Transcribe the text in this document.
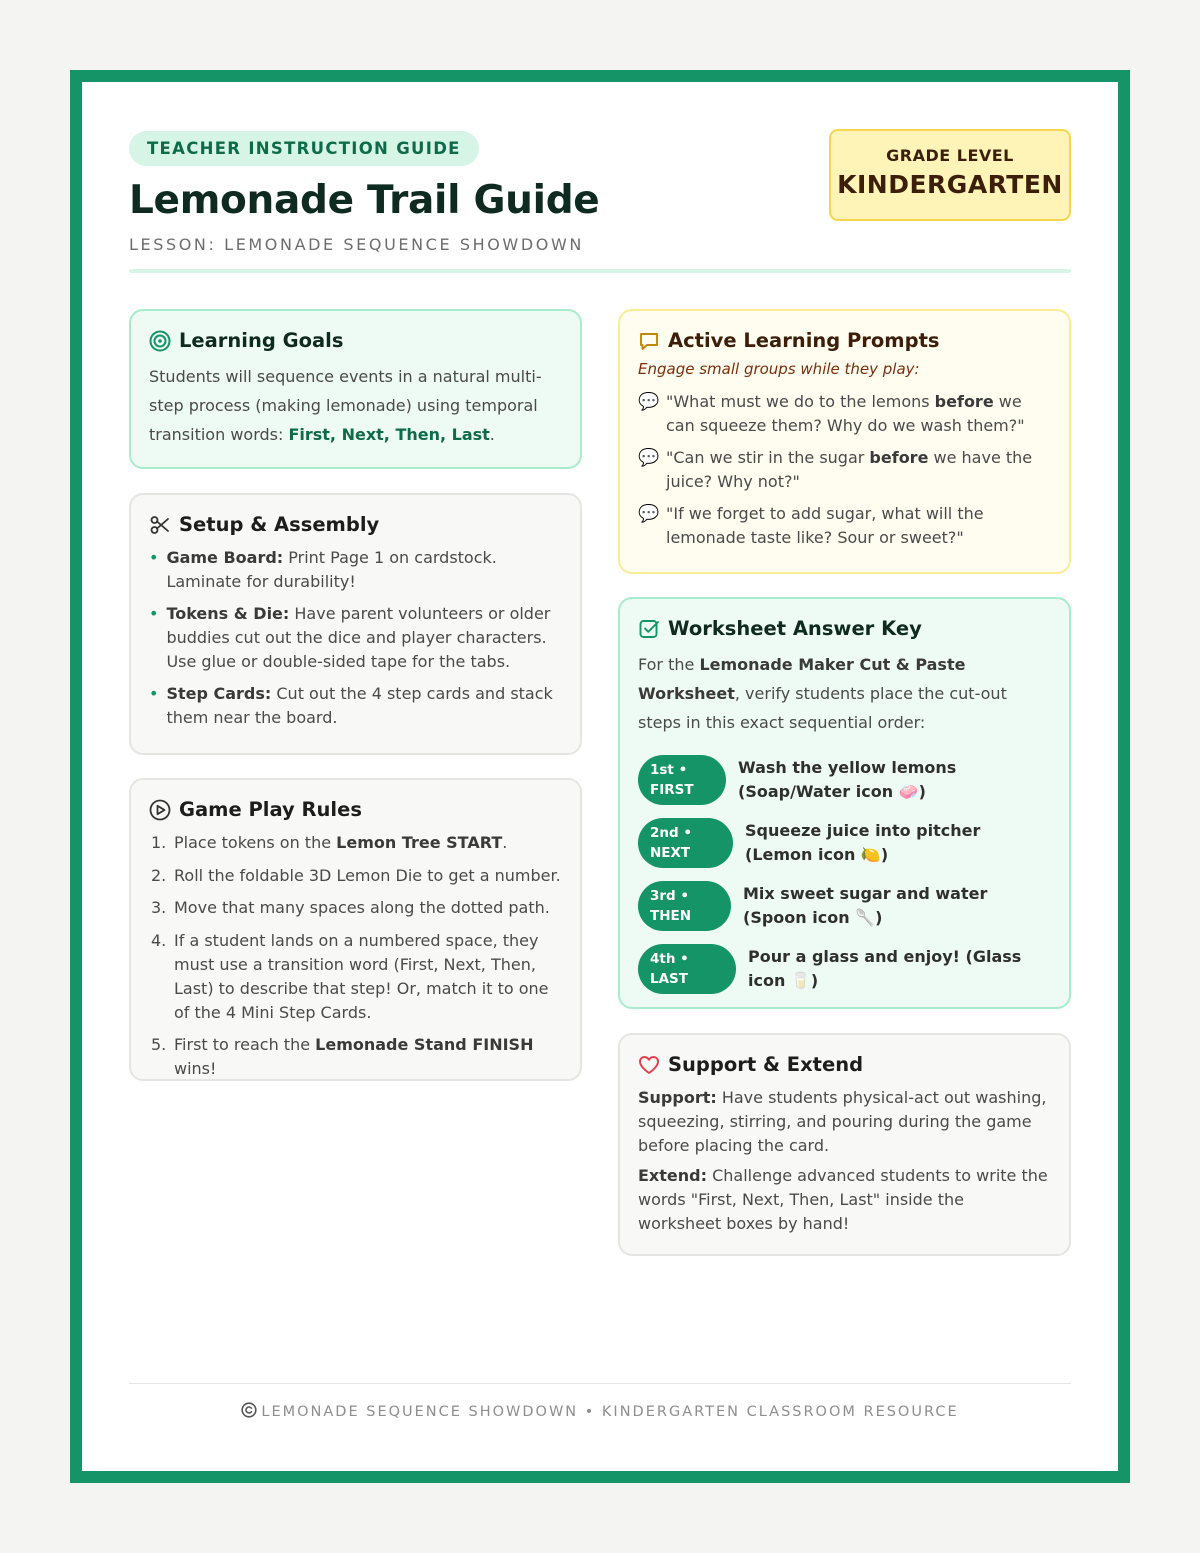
TEACHER INSTRUCTION GUIDE
Lemonade Trail Guide
LESSON: LEMONADE SEQUENCE SHOWDOWN
GRADE LEVEL
KINDERGARTEN
Learning Goals
Students will sequence events in a natural multi-step process (making lemonade) using temporal transition words: First, Next, Then, Last.
Setup & Assembly
• Game Board: Print Page 1 on cardstock. Laminate for durability!
• Tokens & Die: Have parent volunteers or older buddies cut out the dice and player characters. Use glue or double-sided tape for the tabs.
• Step Cards: Cut out the 4 step cards and stack them near the board.
Game Play Rules
1. Place tokens on the Lemon Tree START.
2. Roll the foldable 3D Lemon Die to get a number.
3. Move that many spaces along the dotted path.
4. If a student lands on a numbered space, they must use a transition word (First, Next, Then, Last) to describe that step! Or, match it to one of the 4 Mini Step Cards.
5. First to reach the Lemonade Stand FINISH wins!
Active Learning Prompts
Engage small groups while they play:
💬 "What must we do to the lemons before we can squeeze them? Why do we wash them?"
💬 "Can we stir in the sugar before we have the juice? Why not?"
💬 "If we forget to add sugar, what will the lemonade taste like? Sour or sweet?"
Worksheet Answer Key
For the Lemonade Maker Cut & Paste Worksheet, verify students place the cut-out steps in this exact sequential order:
1st •
FIRST
Wash the yellow lemons (Soap/Water icon 🧼)
2nd •
NEXT
Squeeze juice into pitcher (Lemon icon 🍋)
3rd •
THEN
Mix sweet sugar and water (Spoon icon 🥄)
4th •
LAST
Pour a glass and enjoy! (Glass icon 🥛)
Support & Extend
Support: Have students physical-act out washing, squeezing, stirring, and pouring during the game before placing the card.
Extend: Challenge advanced students to write the words "First, Next, Then, Last" inside the worksheet boxes by hand!
LEMONADE SEQUENCE SHOWDOWN • KINDERGARTEN CLASSROOM RESOURCE
